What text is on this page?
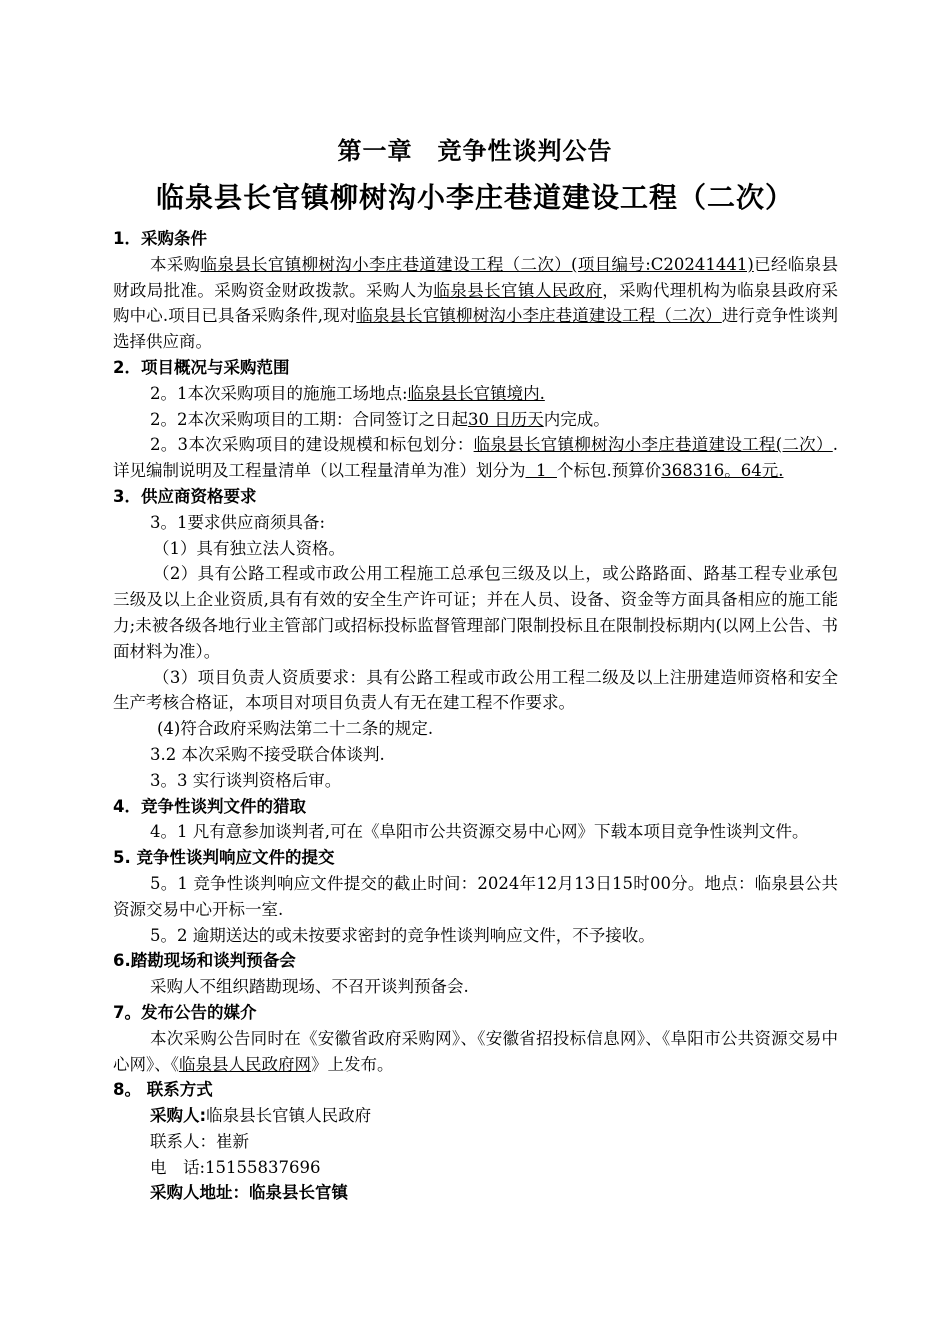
第一章　竞争性谈判公告
临泉县长官镇柳树沟小李庄巷道建设工程（二次）

1．采购条件

本采购临泉县长官镇柳树沟小李庄巷道建设工程（二次）(项目编号:C20241441)已经临泉县财政局批准。采购资金财政拨款。采购人为临泉县长官镇人民政府，采购代理机构为临泉县政府采购中心.项目已具备采购条件,现对临泉县长官镇柳树沟小李庄巷道建设工程（二次）进行竞争性谈判选择供应商。

2．项目概况与采购范围

2。1本次采购项目的施施工场地点:临泉县长官镇境内.

2。2本次采购项目的工期：合同签订之日起30 日历天内完成。

2。3本次采购项目的建设规模和标包划分：临泉县长官镇柳树沟小李庄巷道建设工程(二次）.详见编制说明及工程量清单（以工程量清单为准）划分为  1  个标包.预算价368316。64元.

3．供应商资格要求

3。1要求供应商须具备:

（1）具有独立法人资格。

（2）具有公路工程或市政公用工程施工总承包三级及以上，或公路路面、路基工程专业承包三级及以上企业资质,具有有效的安全生产许可证；并在人员、设备、资金等方面具备相应的施工能力;未被各级各地行业主管部门或招标投标监督管理部门限制投标且在限制投标期内(以网上公告、书面材料为准）。

（3）项目负责人资质要求：具有公路工程或市政公用工程二级及以上注册建造师资格和安全生产考核合格证，本项目对项目负责人有无在建工程不作要求。

(4)符合政府采购法第二十二条的规定.

3.2 本次采购不接受联合体谈判.

3。3 实行谈判资格后审。

4．竞争性谈判文件的猎取

4。1 凡有意参加谈判者,可在《阜阳市公共资源交易中心网》下载本项目竞争性谈判文件。

5. 竞争性谈判响应文件的提交

5。1 竞争性谈判响应文件提交的截止时间：2024年12月13日15时00分。地点：临泉县公共资源交易中心开标一室.

5。2 逾期送达的或未按要求密封的竞争性谈判响应文件，不予接收。

6.踏勘现场和谈判预备会

采购人不组织踏勘现场、不召开谈判预备会.

7。发布公告的媒介

本次采购公告同时在《安徽省政府采购网》、《安徽省招投标信息网》、《阜阳市公共资源交易中心网》、《临泉县人民政府网》上发布。

8。 联系方式

采购人:临泉县长官镇人民政府

联系人：崔新

电　话:15155837696

采购人地址：临泉县长官镇
